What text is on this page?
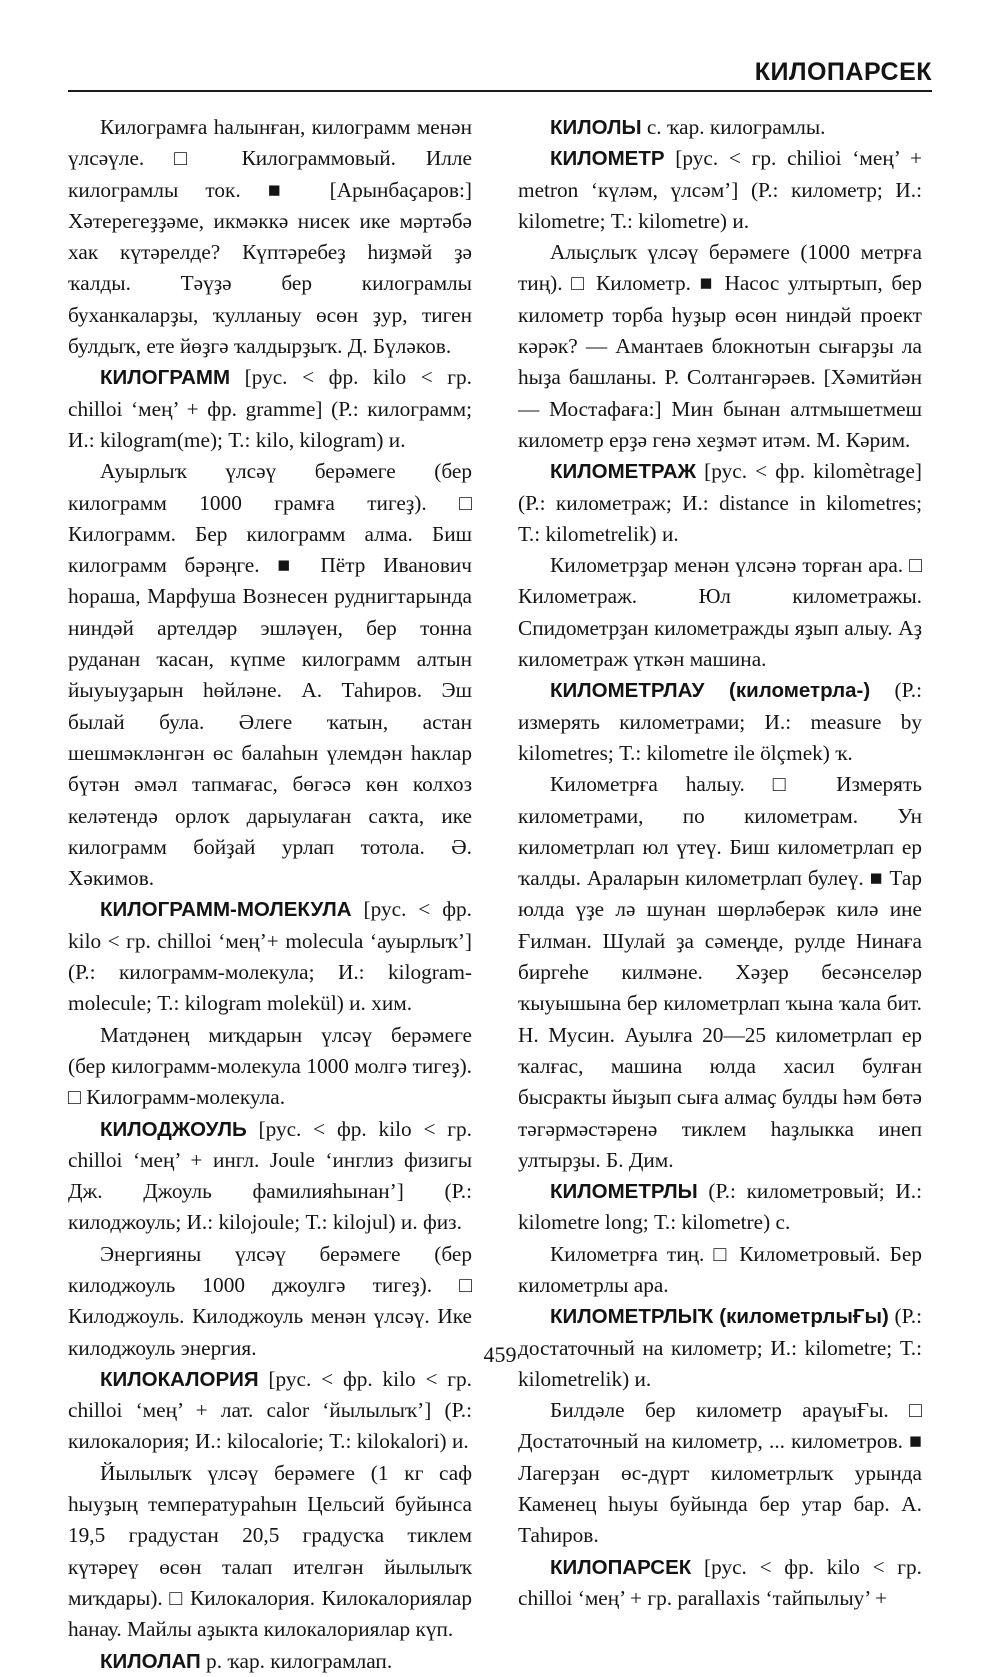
КИЛОПАРСЕК

Килограмға һалынған, килограмм менән үлсәүле. □ Килограммовый. Илле килограмлы ток. ■ [Арынбаҫаров:] Хәтерегеҙҙәме, икмәккә нисек ике мәртәбә хак күтәрелде? Күптәребеҙ һиҙмәй ҙә ҡалды. Тәүҙә бер килограмлы буханкаларҙы, ҡулланыу өсөн ҙур, тиген булдыҡ, ете йөҙгә ҡалдырҙыҡ. Д. Бүләков.

КИЛОГРАММ [рус. < фр. kilo < гр. chilloi ‘мең’ + фр. gramme] (Р.: килограмм; И.: kilogram(me); Т.: kilo, kilogram) и.

Ауырлыҡ үлсәү берәмеге (бер килограмм 1000 грамға тигеҙ). □ Килограмм. Бер килограмм алма. Биш килограмм бәрәңге. ■ Пётр Иванович һораша, Марфуша Вознесен руднигтарында ниндәй артелдәр эшләүен, бер тонна руданан ҡасан, күпме килограмм алтын йыуыуҙарын һөйләне. А. Таһиров. Эш былай була. Әлеге ҡатын, астан шешмәкләнгән өс балаһын үлемдән һаклар бүтән әмәл тапмағас, бөгәсә көн колхоз келәтендә орлоҡ дарыулаған саҡта, ике килограмм бойҙай урлап тотола. Ә. Хәкимов.

КИЛОГРАММ-МОЛЕКУЛА [рус. < фр. kilo < гр. chilloi ‘мең’+ molecula ‘ауырлыҡ’] (Р.: килограмм-молекула; И.: kilogram-molecule; Т.: kilogram molekül) и. хим.

Матдәнең миҡдарын үлсәү берәмеге (бер килограмм-молекула 1000 молгә тигеҙ). □ Килограмм-молекула.

КИЛОДЖОУЛЬ [рус. < фр. kilo < гр. chilloi ‘мең’ + ингл. Joule ‘инглиз физигы Дж. Джоуль фамилияһынан’] (Р.: килоджоуль; И.: kilojoule; Т.: kilojul) и. физ.

Энергияны үлсәү берәмеге (бер килоджоуль 1000 джоулгә тигеҙ). □ Килоджоуль. Килоджоуль менән үлсәү. Ике килоджоуль энергия.

КИЛОКАЛОРИЯ [рус. < фр. kilo < гр. chilloi ‘мең’ + лат. calor ‘йылылыҡ’] (Р.: килокалория; И.: kilocalorie; Т.: kilokalori) и.

Йылылыҡ үлсәү берәмеге (1 кг саф һыуҙың температураһын Цельсий буйынса 19,5 градустан 20,5 градусҡа тиклем күтәреү өсөн талап ителгән йылылыҡ миҡдары). □ Килокалория. Килокалориялар һанау. Майлы аҙыкта килокалориялар күп.

КИЛОЛАП р. ҡар. килограмлап.

КИЛОЛЫ с. ҡар. килограмлы.

КИЛОМЕТР [рус. < гр. chilioi ‘мең’ + metron ‘күләм, үлсәм’] (Р.: километр; И.: kilometre; Т.: kilometre) и.

Алыҫлыҡ үлсәү берәмеге (1000 метрға тиң). □ Километр. ■ Насос ултыртып, бер километр торба һуҙыр өсөн ниндәй проект кәрәк? — Амантаев блокнотын сығарҙы ла һыҙа башланы. Р. Солтангәрәев. [Хәмитйән — Мостафаға:] Мин бынан алтмышетмеш километр ерҙә генә хеҙмәт итәм. М. Кәрим.

КИЛОМЕТРАЖ [рус. < фр. kilomètrage] (Р.: километраж; И.: distance in kilometres; Т.: kilometrelik) и.

Километрҙар менән үлсәнә торған ара. □ Километраж. Юл километражы. Спидометрҙан километражды яҙып алыу. Аҙ километраж үткән машина.

КИЛОМЕТРЛАУ (километрла-) (Р.: измерять километрами; И.: measure by kilometres; Т.: kilometre ile ölçmek) ҡ.

Километрға һалыу. □ Измерять километрами, по километрам. Ун километрлап юл үтеү. Биш километрлап ер ҡалды. Араларын километрлап булеү. ■ Тар юлда үҙе лә шунан шөрләберәк килә ине Ғилман. Шулай ҙа сәмеңде, рулде Нинаға биргеһе килмәне. Хәҙер бесәнселәр ҡыуышына бер километрлап ҡына ҡала бит. Н. Мусин. Ауылға 20—25 километрлап ер ҡалғас, машина юлда хасил булған бысракты йыҙып сыға алмаҫ булды һәм бөтә тәгәрмәстәренә тиклем һаҙлыкка инеп ултырҙы. Б. Дим.

КИЛОМЕТРЛЫ (Р.: километровый; И.: kilometre long; Т.: kilometre) с.

Километрға тиң. □ Километровый. Бер километрлы ара.

КИЛОМЕТРЛЫҠ (километрлыҒы) (Р.: достаточный на километр; И.: kilometre; Т.: kilometrelik) и.

Билдәле бер километр араүыҒы. □ Достаточный на километр, ... километров. ■ Лагерҙан өс-дүрт километрлыҡ урында Каменец һыуы буйында бер утар бар. А. Таһиров.

КИЛОПАРСЕК [рус. < фр. kilo < гр. chilloi ‘мең’ + гр. parallaxis ‘тайпылыу’ +

459
